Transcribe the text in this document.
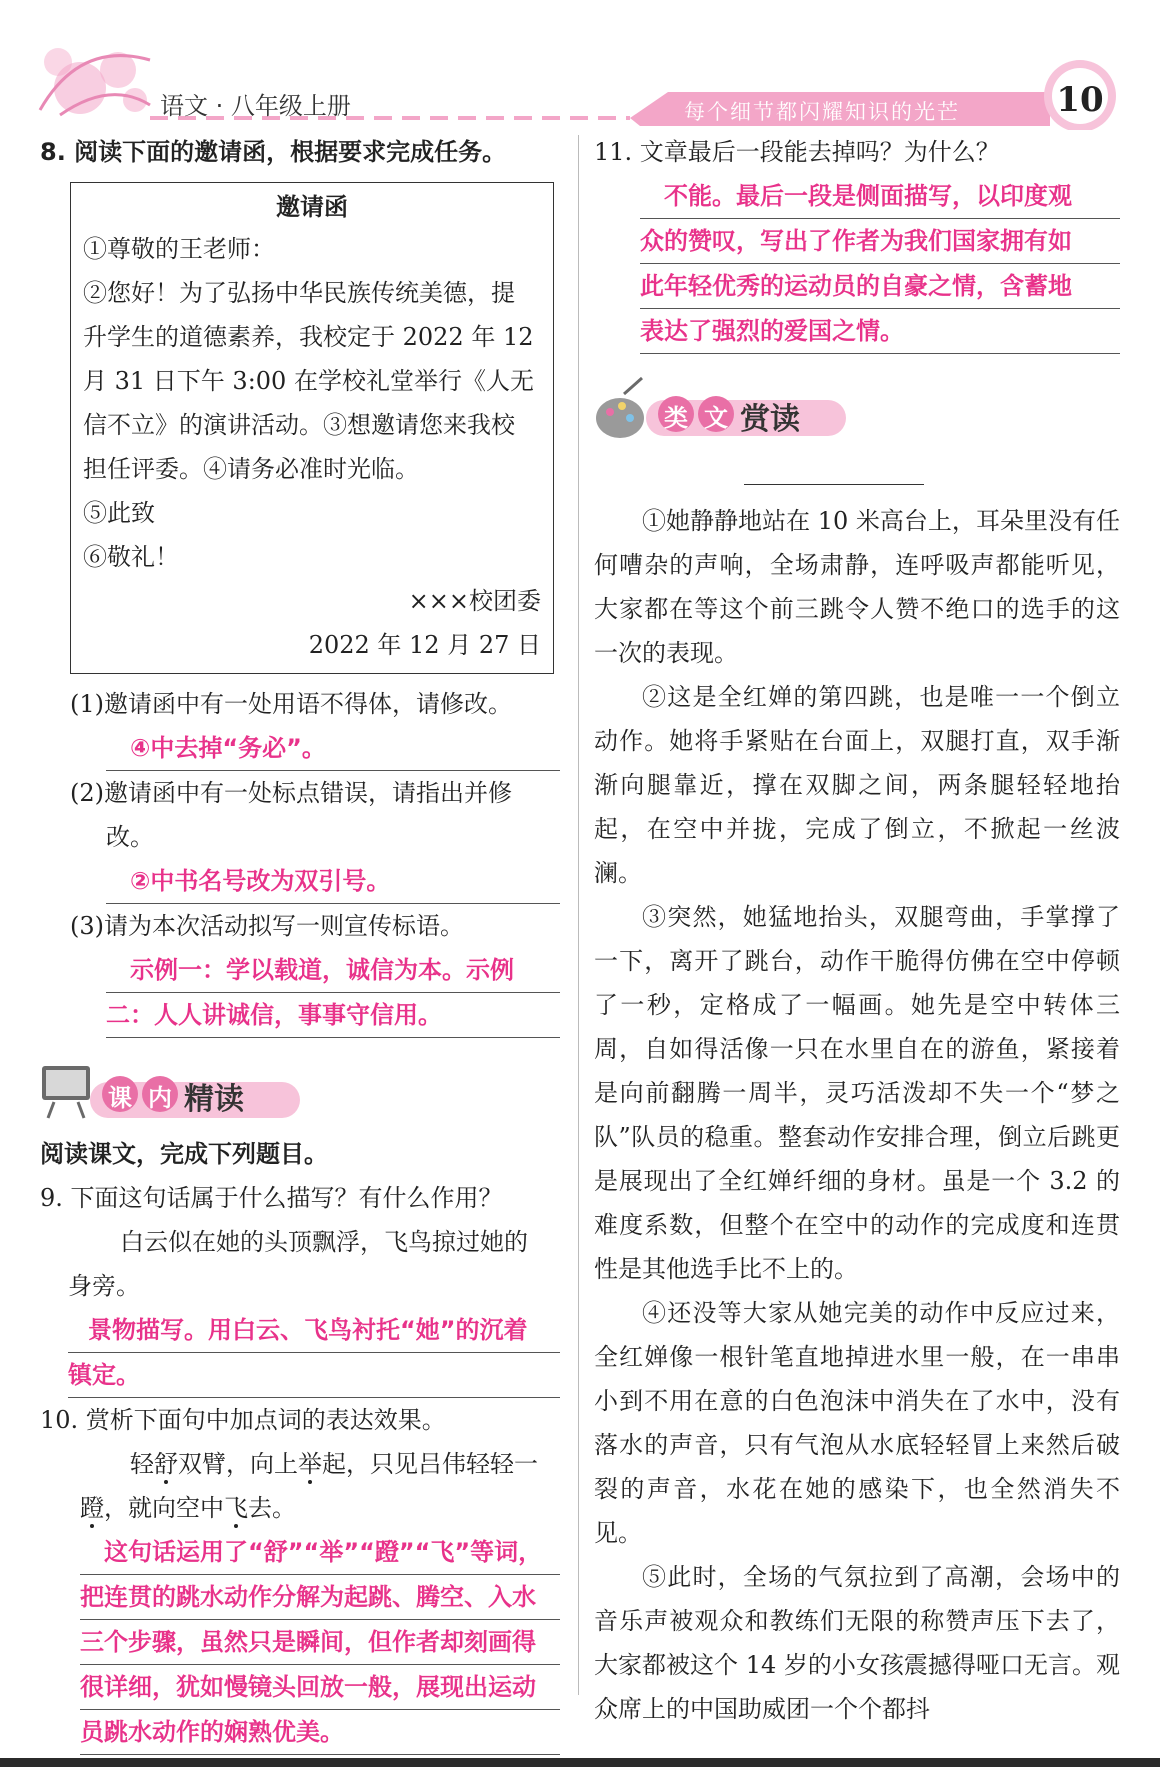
语文 · 八年级上册	每个细节都闪耀知识的光芒	10
8. 阅读下面的邀请函，根据要求完成任务。
邀请函

①尊敬的王老师：

②您好！为了弘扬中华民族传统美德，提

升学生的道德素养，我校定于 2022 年 12

月 31 日下午 3:00 在学校礼堂举行《人无

信不立》的演讲活动。③想邀请您来我校

担任评委。④请务必准时光临。

⑤此致

⑥敬礼！

×××校团委

2022 年 12 月 27 日

(1)邀请函中有一处用语不得体，请修改。
④中去掉“务必”。
(2)邀请函中有一处标点错误，请指出并修
改。
②中书名号改为双引号。
(3)请为本次活动拟写一则宣传标语。
示例一：学以载道，诚信为本。示例
二：人人讲诚信，事事守信用。
课 内 精读
阅读课文，完成下列题目。
9. 下面这句话属于什么描写？有什么作用？
白云似在她的头顶飘浮，飞鸟掠过她的
身旁。
景物描写。用白云、飞鸟衬托“她”的沉着
镇定。
10. 赏析下面句中加点词的表达效果。
轻舒双臂，向上举起，只见吕伟轻轻一
蹬，就向空中飞去。
这句话运用了“舒”“举”“蹬”“飞”等词，
把连贯的跳水动作分解为起跳、腾空、入水
三个步骤，虽然只是瞬间，但作者却刻画得
很详细，犹如慢镜头回放一般，展现出运动
员跳水动作的娴熟优美。
11. 文章最后一段能去掉吗？为什么？
不能。最后一段是侧面描写，以印度观
众的赞叹，写出了作者为我们国家拥有如
此年轻优秀的运动员的自豪之情，含蓄地
表达了强烈的爱国之情。
类 文 赏读

①她静静地站在 10 米高台上，耳朵里没有任何嘈杂的声响，全场肃静，连呼吸声都能听见，大家都在等这个前三跳令人赞不绝口的选手的这一次的表现。

②这是全红婵的第四跳，也是唯一一个倒立动作。她将手紧贴在台面上，双腿打直，双手渐渐向腿靠近，撑在双脚之间，两条腿轻轻地抬起，在空中并拢，完成了倒立，不掀起一丝波澜。

③突然，她猛地抬头，双腿弯曲，手掌撑了一下，离开了跳台，动作干脆得仿佛在空中停顿了一秒，定格成了一幅画。她先是空中转体三周，自如得活像一只在水里自在的游鱼，紧接着是向前翻腾一周半，灵巧活泼却不失一个“梦之队”队员的稳重。整套动作安排合理，倒立后跳更是展现出了全红婵纤细的身材。虽是一个 3.2 的难度系数，但整个在空中的动作的完成度和连贯性是其他选手比不上的。

④还没等大家从她完美的动作中反应过来，全红婵像一根针笔直地掉进水里一般，在一串串小到不用在意的白色泡沫中消失在了水中，没有落水的声音，只有气泡从水底轻轻冒上来然后破裂的声音，水花在她的感染下，也全然消失不见。

⑤此时，全场的气氛拉到了高潮，会场中的音乐声被观众和教练们无限的称赞声压下去了，大家都被这个 14 岁的小女孩震撼得哑口无言。观众席上的中国助威团一个个都抖
